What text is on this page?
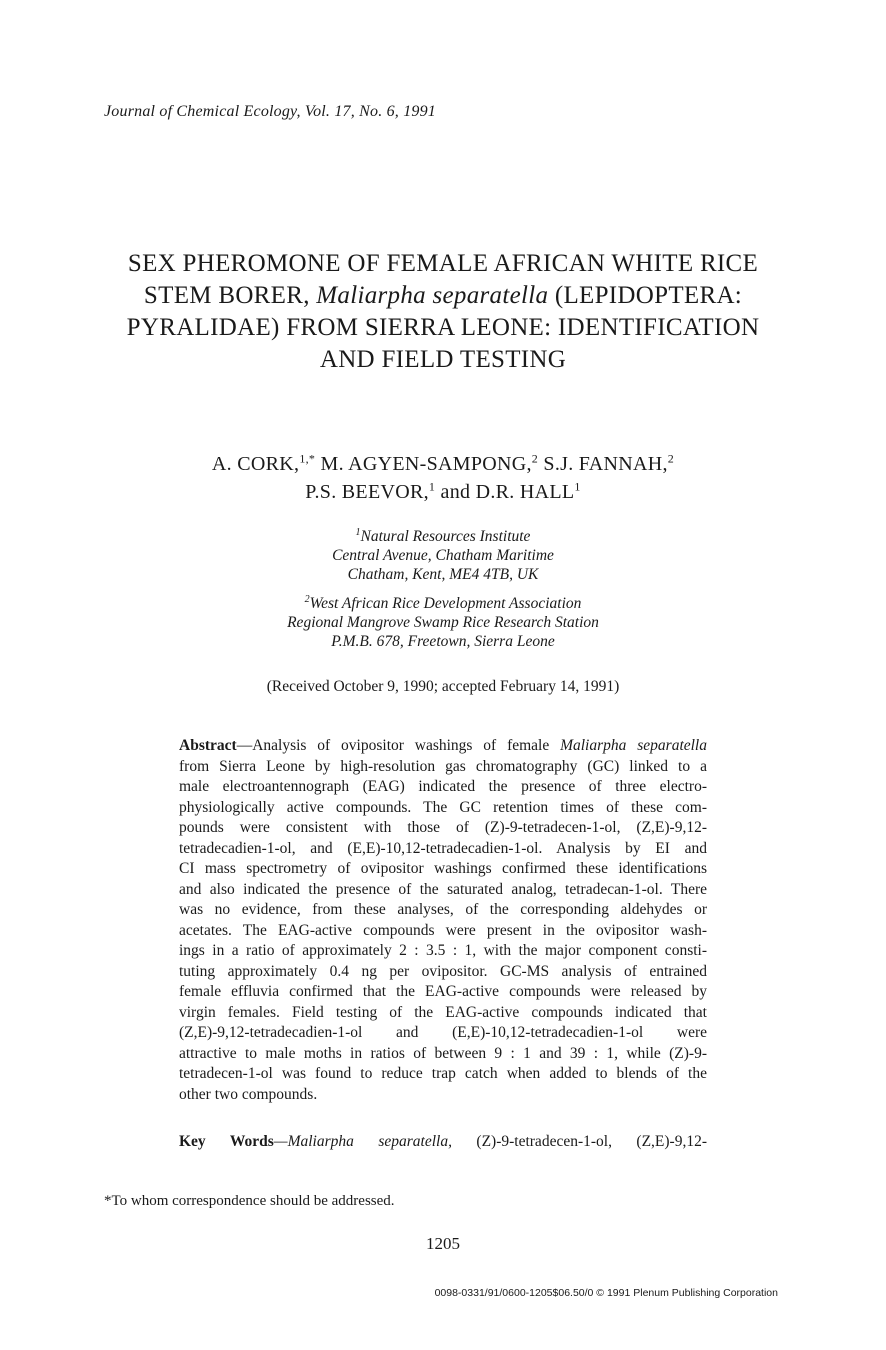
Journal of Chemical Ecology, Vol. 17, No. 6, 1991
SEX PHEROMONE OF FEMALE AFRICAN WHITE RICE
STEM BORER, Maliarpha separatella (LEPIDOPTERA:
PYRALIDAE) FROM SIERRA LEONE: IDENTIFICATION
AND FIELD TESTING
A. CORK,$^{1,*}$ M. AGYEN-SAMPONG,$^2$ S.J. FANNAH,$^2$
P.S. BEEVOR,$^1$ and D.R. HALL$^1$
$^1$Natural Resources Institute
Central Avenue, Chatham Maritime
Chatham, Kent, ME4 4TB, UK
$^2$West African Rice Development Association
Regional Mangrove Swamp Rice Research Station
P.M.B. 678, Freetown, Sierra Leone
(Received October 9, 1990; accepted February 14, 1991)
Abstract—Analysis of ovipositor washings of female Maliarpha separatella
from Sierra Leone by high-resolution gas chromatography (GC) linked to a
male electroantennograph (EAG) indicated the presence of three electro-
physiologically active compounds. The GC retention times of these com-
pounds were consistent with those of (Z)-9-tetradecen-1-ol, (Z,E)-9,12-
tetradecadien-1-ol, and (E,E)-10,12-tetradecadien-1-ol. Analysis by EI and
CI mass spectrometry of ovipositor washings confirmed these identifications
and also indicated the presence of the saturated analog, tetradecan-1-ol. There
was no evidence, from these analyses, of the corresponding aldehydes or
acetates. The EAG-active compounds were present in the ovipositor wash-
ings in a ratio of approximately 2 : 3.5 : 1, with the major component consti-
tuting approximately 0.4 ng per ovipositor. GC-MS analysis of entrained
female effluvia confirmed that the EAG-active compounds were released by
virgin females. Field testing of the EAG-active compounds indicated that
(Z,E)-9,12-tetradecadien-1-ol and (E,E)-10,12-tetradecadien-1-ol were
attractive to male moths in ratios of between 9 : 1 and 39 : 1, while (Z)-9-
tetradecen-1-ol was found to reduce trap catch when added to blends of the
other two compounds.
Key Words—Maliarpha separatella, (Z)-9-tetradecen-1-ol, (Z,E)-9,12-
*To whom correspondence should be addressed.
1205
0098-0331/91/0600-1205$06.50/0 © 1991 Plenum Publishing Corporation
